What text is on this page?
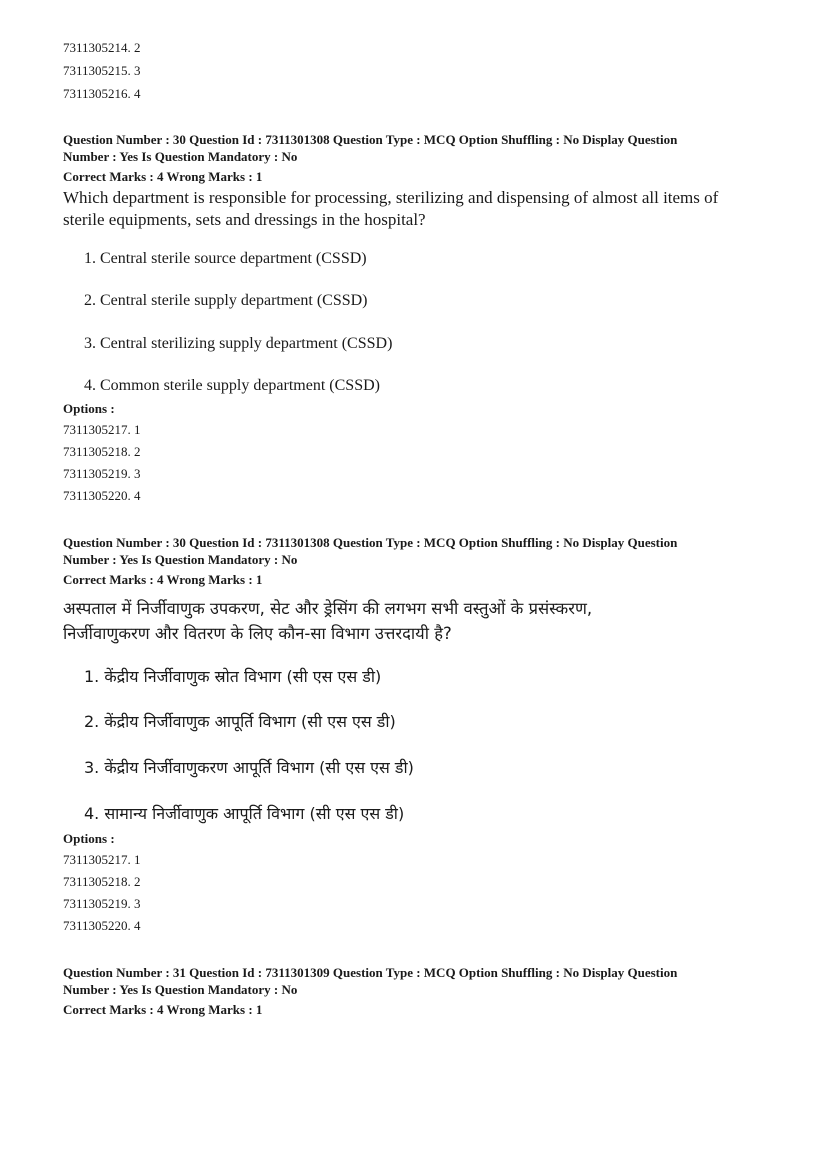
7311305214. 2
7311305215. 3
7311305216. 4
Question Number : 30 Question Id : 7311301308 Question Type : MCQ Option Shuffling : No Display Question
Number : Yes Is Question Mandatory : No
Correct Marks : 4 Wrong Marks : 1
Which department is responsible for processing, sterilizing and dispensing of almost all items of
sterile equipments, sets and dressings in the hospital?
1. Central sterile source department (CSSD)
2. Central sterile supply department (CSSD)
3. Central sterilizing supply department (CSSD)
4. Common sterile supply department (CSSD)
Options :
7311305217. 1
7311305218. 2
7311305219. 3
7311305220. 4
Question Number : 30 Question Id : 7311301308 Question Type : MCQ Option Shuffling : No Display Question
Number : Yes Is Question Mandatory : No
Correct Marks : 4 Wrong Marks : 1
अस्पताल में निर्जीवाणुक उपकरण, सेट और ड्रेसिंग की लगभग सभी वस्तुओं के प्रसंस्करण,
निर्जीवाणुकरण और वितरण के लिए कौन-सा विभाग उत्तरदायी है?
1. केंद्रीय निर्जीवाणुक स्रोत विभाग (सी एस एस डी)
2. केंद्रीय निर्जीवाणुक आपूर्ति विभाग (सी एस एस डी)
3. केंद्रीय निर्जीवाणुकरण आपूर्ति विभाग (सी एस एस डी)
4. सामान्य निर्जीवाणुक आपूर्ति विभाग (सी एस एस डी)
Options :
7311305217. 1
7311305218. 2
7311305219. 3
7311305220. 4
Question Number : 31 Question Id : 7311301309 Question Type : MCQ Option Shuffling : No Display Question
Number : Yes Is Question Mandatory : No
Correct Marks : 4 Wrong Marks : 1
